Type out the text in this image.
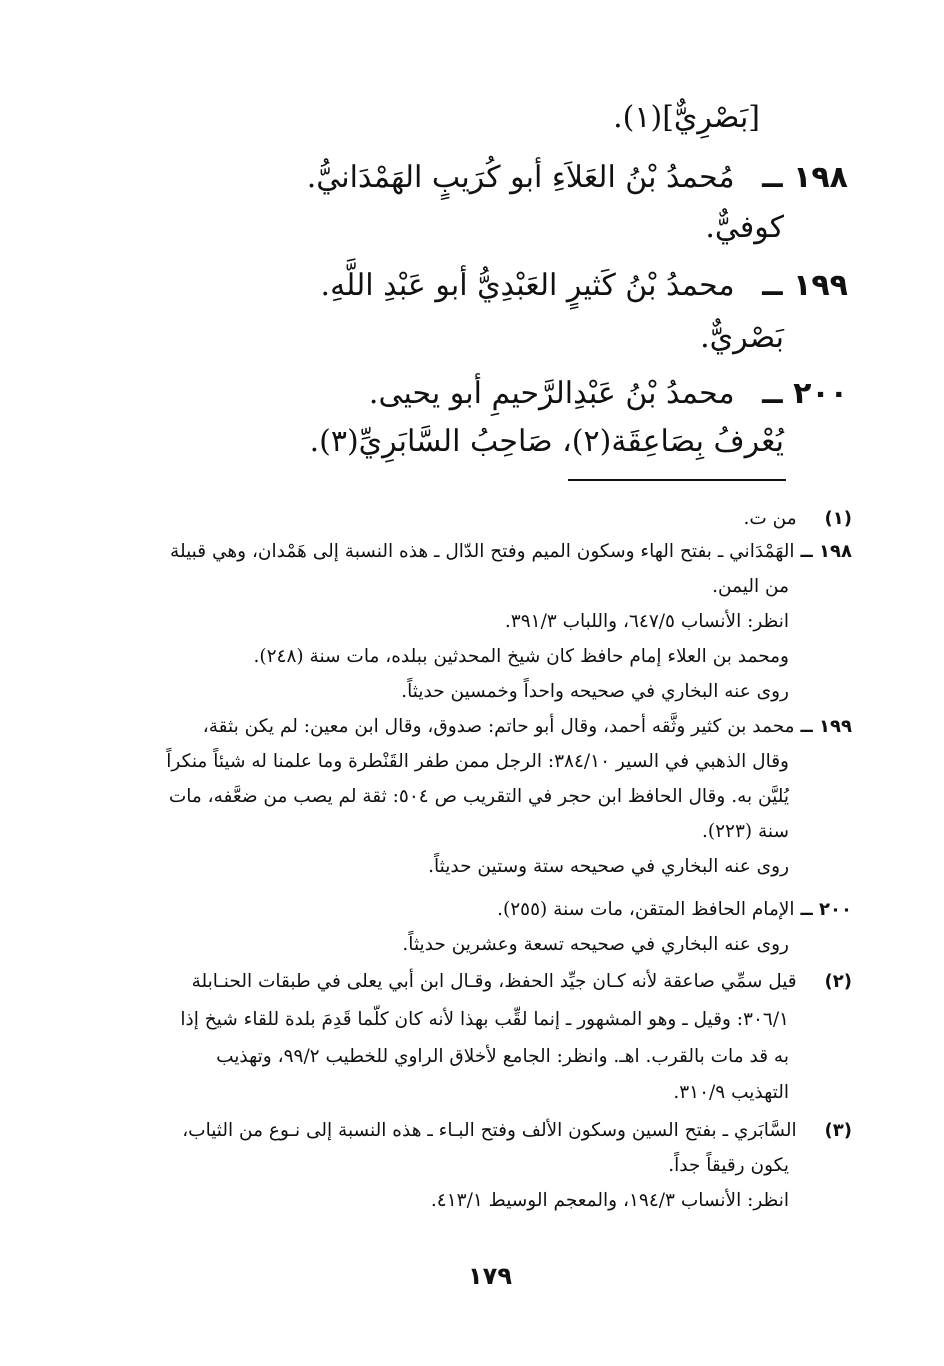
[بَصْرِيٌّ](١).
١٩٨ ــ مُحمدُ بْنُ العَلاَءِ أبو كُرَيبٍ الهَمْدَانيُّ.
كوفيٌّ.
١٩٩ ــ محمدُ بْنُ كَثيرٍ العَبْدِيُّ أبو عَبْدِ اللَّهِ.
بَصْريٌّ.
٢٠٠ ــ محمدُ بْنُ عَبْدِالرَّحيمِ أبو يحيى.
يُعْرفُ بِصَاعِقَة(٢)، صَاحِبُ السَّابَرِيِّ(٣).
(١) من ت.
١٩٨ ــ الهَمْدَاني ـ بفتح الهاء وسكون الميم وفتح الدّال ـ هذه النسبة إلى هَمْدان، وهي قبيلة
من اليمن.
انظر: الأنساب ٦٤٧/٥، واللباب ٣٩١/٣.
ومحمد بن العلاء إمام حافظ كان شيخ المحدثين ببلده، مات سنة (٢٤٨).
روى عنه البخاري في صحيحه واحداً وخمسين حديثاً.
١٩٩ ــ محمد بن كثير وثَّقه أحمد، وقال أبو حاتم: صدوق، وقال ابن معين: لم يكن بثقة،
وقال الذهبي في السير ٣٨٤/١٠: الرجل ممن طفر القَنْطرة وما علمنا له شيئاً منكراً
يُليَّن به. وقال الحافظ ابن حجر في التقريب ص ٥٠٤: ثقة لم يصب من ضعَّفه، مات
سنة (٢٢٣).
روى عنه البخاري في صحيحه ستة وستين حديثاً.
٢٠٠ ــ الإمام الحافظ المتقن، مات سنة (٢٥٥).
روى عنه البخاري في صحيحه تسعة وعشرين حديثاً.
(٢) قيل سمِّي صاعقة لأنه كـان جيِّد الحفظ، وقـال ابن أبي يعلى في طبقات الحنـابلة
٣٠٦/١: وقيل ـ وهو المشهور ـ إنما لقِّب بهذا لأنه كان كلّما قَدِمَ بلدة للقاء شيخ إذا
به قد مات بالقرب. اهـ. وانظر: الجامع لأخلاق الراوي للخطيب ٩٩/٢، وتهذيب
التهذيب ٣١٠/٩.
(٣) السَّابَري ـ بفتح السين وسكون الألف وفتح البـاء ـ هذه النسبة إلى نـوع من الثياب،
يكون رقيقاً جداً.
انظر: الأنساب ١٩٤/٣، والمعجم الوسيط ٤١٣/١.
١٧٩
